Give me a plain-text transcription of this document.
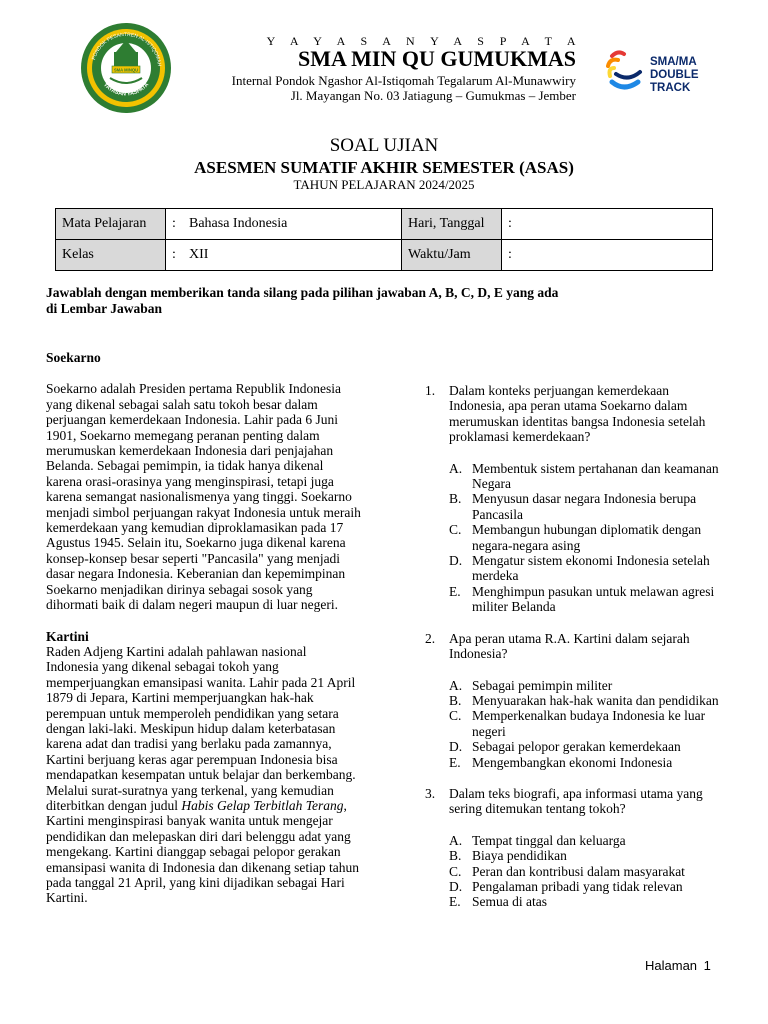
PONDOK PESANTREN AL-ISTIQOMAH
YAYASAN YASPATA
SMA MINQU
Y A Y A S A N Y A S P A T A
SMA MIN QU GUMUKMAS
Internal Pondok Ngashor Al-Istiqomah Tegalarum Al-Munawwiry
Jl. Mayangan No. 03 Jatiagung – Gumukmas – Jember
SMA/MA
DOUBLE
TRACK
SOAL UJIAN
ASESMEN SUMATIF AKHIR SEMESTER (ASAS)
TAHUN PELAJARAN 2024/2025
Mata Pelajaran	: Bahasa Indonesia	Hari, Tanggal	:
Kelas	: XII	Waktu/Jam	:
Jawablah dengan memberikan tanda silang pada pilihan jawaban A, B, C, D, E yang ada di Lembar Jawaban
Soekarno

Soekarno adalah Presiden pertama Republik Indonesia yang dikenal sebagai salah satu tokoh besar dalam perjuangan kemerdekaan Indonesia. Lahir pada 6 Juni 1901, Soekarno memegang peranan penting dalam merumuskan kemerdekaan Indonesia dari penjajahan Belanda. Sebagai pemimpin, ia tidak hanya dikenal karena orasi-orasinya yang menginspirasi, tetapi juga karena semangat nasionalismenya yang tinggi. Soekarno menjadi simbol perjuangan rakyat Indonesia untuk meraih kemerdekaan yang kemudian diproklamasikan pada 17 Agustus 1945. Selain itu, Soekarno juga dikenal karena konsep-konsep besar seperti "Pancasila" yang menjadi dasar negara Indonesia. Keberanian dan kepemimpinan Soekarno menjadikan dirinya sebagai sosok yang dihormati baik di dalam negeri maupun di luar negeri.

Kartini

Raden Adjeng Kartini adalah pahlawan nasional Indonesia yang dikenal sebagai tokoh yang memperjuangkan emansipasi wanita. Lahir pada 21 April 1879 di Jepara, Kartini memperjuangkan hak-hak perempuan untuk memperoleh pendidikan yang setara dengan laki-laki. Meskipun hidup dalam keterbatasan karena adat dan tradisi yang berlaku pada zamannya, Kartini berjuang keras agar perempuan Indonesia bisa mendapatkan kesempatan untuk belajar dan berkembang. Melalui surat-suratnya yang terkenal, yang kemudian diterbitkan dengan judul Habis Gelap Terbitlah Terang, Kartini menginspirasi banyak wanita untuk mengejar pendidikan dan melepaskan diri dari belenggu adat yang mengekang. Kartini dianggap sebagai pelopor gerakan emansipasi wanita di Indonesia dan dikenang setiap tahun pada tanggal 21 April, yang kini dijadikan sebagai Hari Kartini.

1.	Dalam konteks perjuangan kemerdekaan Indonesia, apa peran utama Soekarno dalam merumuskan identitas bangsa Indonesia setelah proklamasi kemerdekaan?
A. Membentuk sistem pertahanan dan keamanan Negara
B. Menyusun dasar negara Indonesia berupa Pancasila
C. Membangun hubungan diplomatik dengan negara-negara asing
D. Mengatur sistem ekonomi Indonesia setelah merdeka
E. Menghimpun pasukan untuk melawan agresi militer Belanda
2.	Apa peran utama R.A. Kartini dalam sejarah Indonesia?
A. Sebagai pemimpin militer
B. Menyuarakan hak-hak wanita dan pendidikan
C. Memperkenalkan budaya Indonesia ke luar negeri
D. Sebagai pelopor gerakan kemerdekaan
E. Mengembangkan ekonomi Indonesia
3.	Dalam teks biografi, apa informasi utama yang sering ditemukan tentang tokoh?
A. Tempat tinggal dan keluarga
B. Biaya pendidikan
C. Peran dan kontribusi dalam masyarakat
D. Pengalaman pribadi yang tidak relevan
E. Semua di atas
Halaman 1
